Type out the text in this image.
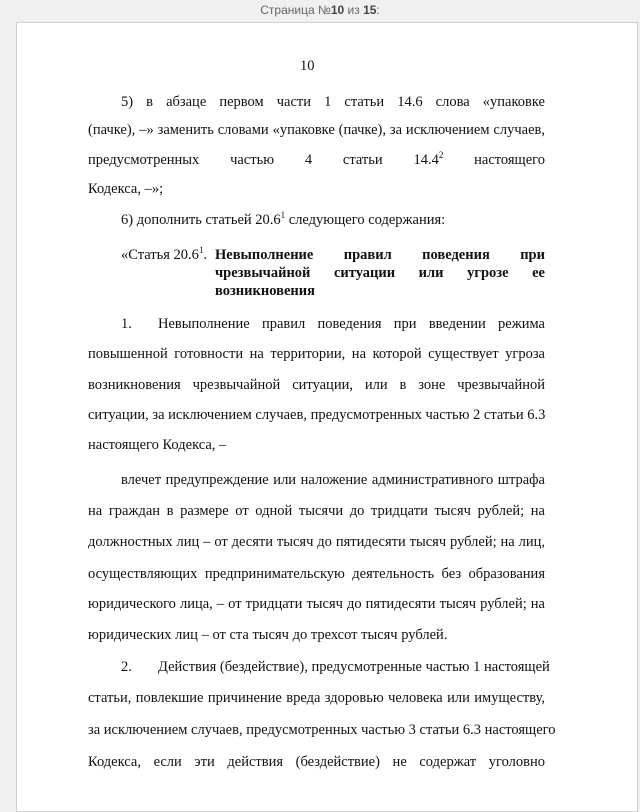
Страница №10 из 15:
10
5) в абзаце первом части 1 статьи 14.6 слова «упаковке
(пачке), –» заменить словами «упаковке (пачке), за исключением случаев,
предусмотренных частью 4 статьи 14.4$^2$ настоящего
Кодекса, –»;
6) дополнить статьей 20.6$^1$ следующего содержания:
«Статья 20.6$^1$. Невыполнение правил поведения при
чрезвычайной ситуации или угрозе ее
возникновения
1. Невыполнение правил поведения при введении режима
повышенной готовности на территории, на которой существует угроза
возникновения чрезвычайной ситуации, или в зоне чрезвычайной
ситуации, за исключением случаев, предусмотренных частью 2 статьи 6.3
настоящего Кодекса, –
влечет предупреждение или наложение административного штрафа
на граждан в размере от одной тысячи до тридцати тысяч рублей; на
должностных лиц – от десяти тысяч до пятидесяти тысяч рублей; на лиц,
осуществляющих предпринимательскую деятельность без образования
юридического лица, – от тридцати тысяч до пятидесяти тысяч рублей; на
юридических лиц – от ста тысяч до трехсот тысяч рублей.
2. Действия (бездействие), предусмотренные частью 1 настоящей
статьи, повлекшие причинение вреда здоровью человека или имуществу,
за исключением случаев, предусмотренных частью 3 статьи 6.3 настоящего
Кодекса, если эти действия (бездействие) не содержат уголовно
